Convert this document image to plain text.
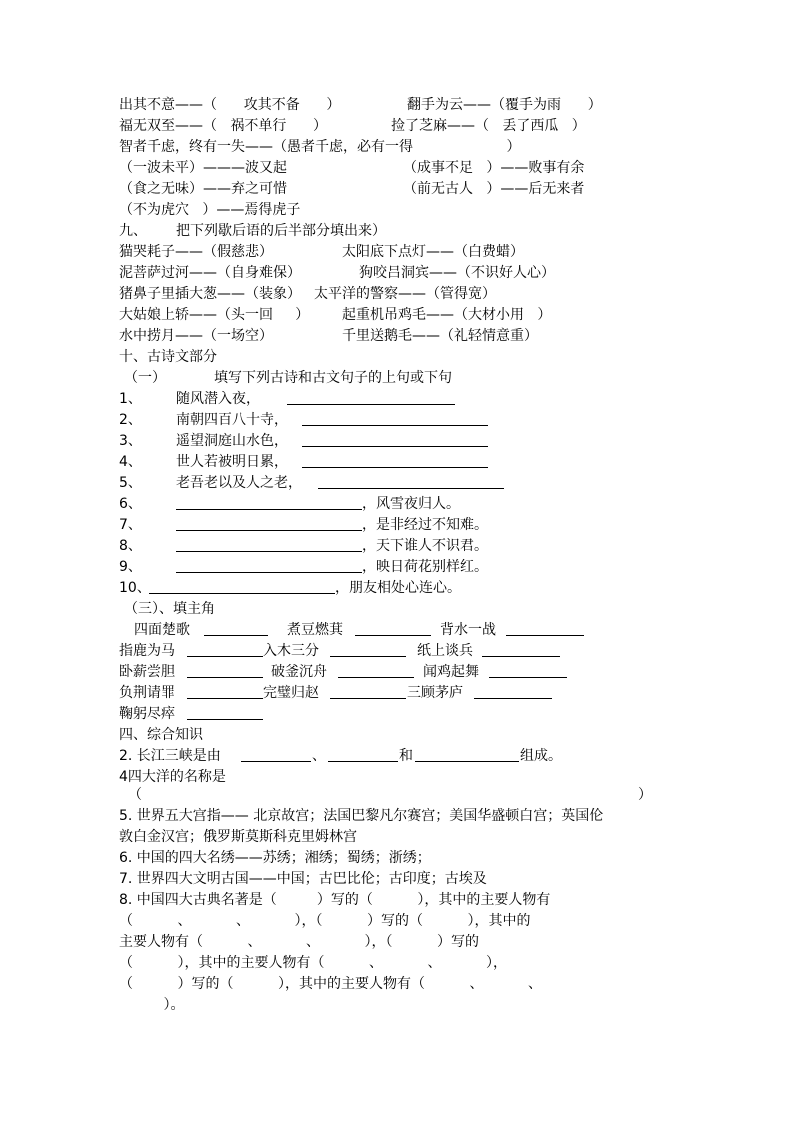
出其不意——（      攻其不备      ）	翻手为云——（覆手为雨      ）
福无双至——（   祸不单行      ）	捡了芝麻——（   丢了西瓜   ）
智者千虑，终有一失——（愚者千虑，必有一得                     ）
（一波未平）———波又起	（成事不足   ）——败事有余
（食之无味）——弃之可惜	（前无古人   ）——后无来者
（不为虎穴   ）——焉得虎子
九、 把下列歇后语的后半部分填出来）
猫哭耗子——（假慈悲）	太阳底下点灯——（白费蜡）
泥菩萨过河——（自身难保）	狗咬吕洞宾——（不识好人心）
猪鼻子里插大葱——（装象） 太平洋的警察——（管得宽）
大姑娘上轿——（头一回     ） 起重机吊鸡毛——（大材小用   ）
水中捞月——（一场空）	千里送鹅毛——（礼轻情意重）
十、古诗文部分
（一）	填写下列古诗和古文句子的上句或下句
1、 随风潜入夜，
2、 南朝四百八十寺，
3、 遥望洞庭山水色，
4、 世人若被明日累，
5、 老吾老以及人之老，
6、	，风雪夜归人。
7、	，是非经过不知难。
8、	，天下谁人不识君。
9、	，映日荷花别样红。
10、	，朋友相处心连心。
（三）、填主角
四面楚歌	煮豆燃萁	背水一战
指鹿为马	入木三分	纸上谈兵
卧薪尝胆	破釜沉舟	闻鸡起舞
负荆请罪	完璧归赵	三顾茅庐
鞠躬尽瘁
四、综合知识
2. 长江三峡是由	、	和	组成。
4四大洋的名称是
（	）
5. 世界五大宫指—— 北京故宫；法国巴黎凡尔赛宫；美国华盛顿白宫；英国伦
敦白金汉宫；俄罗斯莫斯科克里姆林宫
6. 中国的四大名绣——苏绣；湘绣；蜀绣；浙绣；
7. 世界四大文明古国——中国；古巴比伦；古印度；古埃及
8. 中国四大古典名著是（         ）写的（          ），其中的主要人物有
（          、          、          ），（          ）写的（          ），其中的
主要人物有（          、          、          ），（          ）写的
（          ），其中的主要人物有（          、          、          ），
（          ）写的（          ），其中的主要人物有（          、          、
）。
